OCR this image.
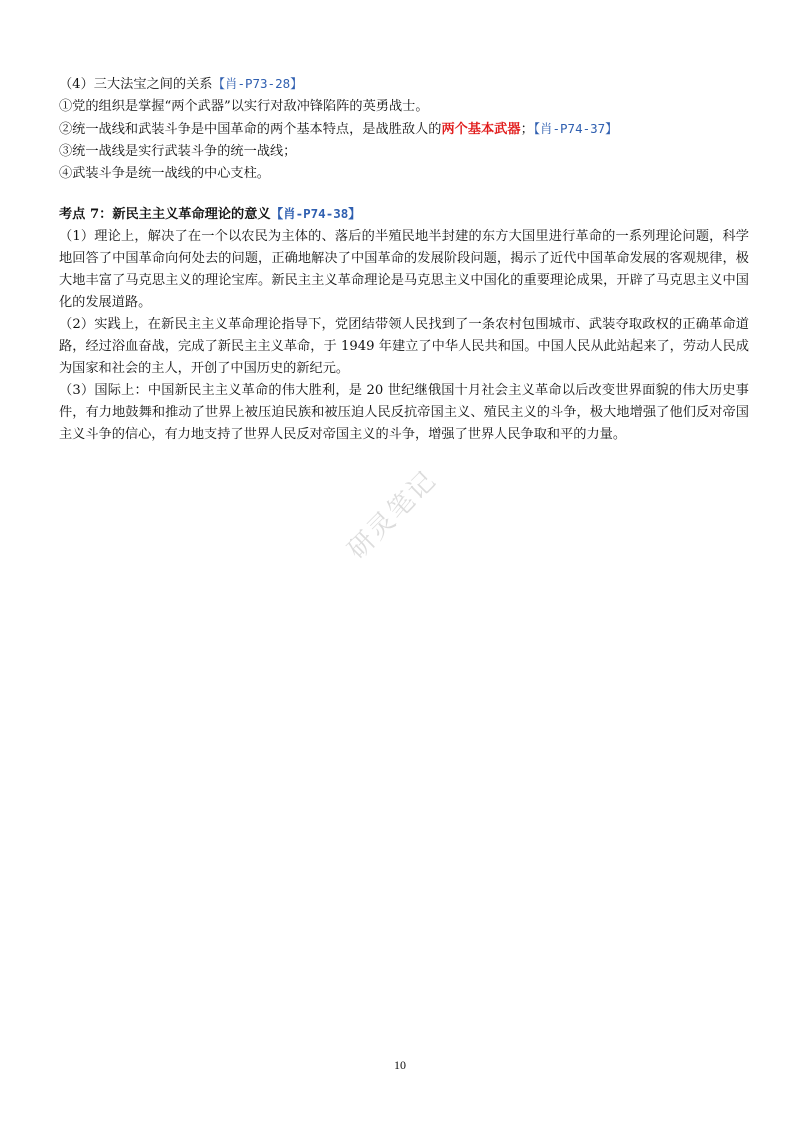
（4）三大法宝之间的关系【肖-P73-28】
①党的组织是掌握“两个武器”以实行对敌冲锋陷阵的英勇战士。
②统一战线和武装斗争是中国革命的两个基本特点，是战胜敌人的两个基本武器；【肖-P74-37】
③统一战线是实行武装斗争的统一战线；
④武装斗争是统一战线的中心支柱。
考点 7：新民主主义革命理论的意义【肖-P74-38】
（1）理论上，解决了在一个以农民为主体的、落后的半殖民地半封建的东方大国里进行革命的一系列理论问题，科学地回答了中国革命向何处去的问题，正确地解决了中国革命的发展阶段问题，揭示了近代中国革命发展的客观规律，极大地丰富了马克思主义的理论宝库。新民主主义革命理论是马克思主义中国化的重要理论成果，开辟了马克思主义中国化的发展道路。
（2）实践上，在新民主主义革命理论指导下，党团结带领人民找到了一条农村包围城市、武装夺取政权的正确革命道路，经过浴血奋战，完成了新民主主义革命，于 1949 年建立了中华人民共和国。中国人民从此站起来了，劳动人民成为国家和社会的主人，开创了中国历史的新纪元。
（3）国际上：中国新民主主义革命的伟大胜利，是 20 世纪继俄国十月社会主义革命以后改变世界面貌的伟大历史事件，有力地鼓舞和推动了世界上被压迫民族和被压迫人民反抗帝国主义、殖民主义的斗争，极大地增强了他们反对帝国主义斗争的信心，有力地支持了世界人民反对帝国主义的斗争，增强了世界人民争取和平的力量。
研灵笔记
10
